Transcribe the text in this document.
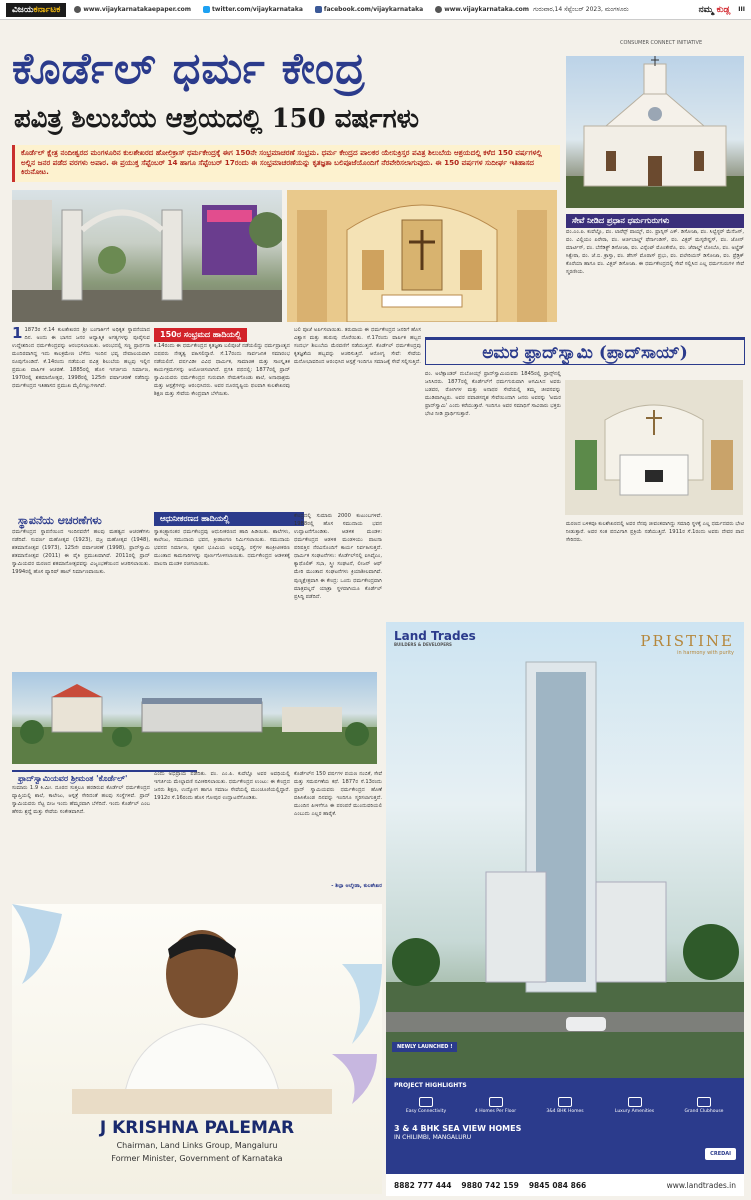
ವಿಜಯಕರ್ನಾಟಕ	www.vijaykarnatakaepaper.com	twitter.com/vijaykarnataka	facebook.com/vijaykarnataka	www.vijaykarnataka.com ಗುರುವಾರ,14 ಸೆಪ್ಟೆಂಬರ್ 2023, ಮಂಗಳೂರು	ನಮ್ಮ ಕುಡ್ಲ III
CONSUMER CONNECT INITIATIVE
ಕೊರ್ಡೆಲ್ ಧರ್ಮ ಕೇಂದ್ರ
ಪವಿತ್ರ ಶಿಲುಬೆಯ ಆಶ್ರಯದಲ್ಲಿ 150 ವರ್ಷಗಳು
ಕೊರ್ಡೆಲ್ ಕ್ಷೇತ್ರ ನಂದೀಶ್ವರದ ಮಂಗಳೂರಿನ ಕುಲಶೇಖರದ ಹೋಲಿಕ್ರಾಸ್ ಧರ್ಮಕೇಂದ್ರಕ್ಕೆ ಈಗ 150ನೇ ಸಂಭ್ರಮಾಚರಣೆ ಸಂಭ್ರಮ. ಧರ್ಮ ಕೇಂದ್ರದ ಪಾಲಕರ ಯೇಸುಕ್ರಿಸ್ತರ ಪವಿತ್ರ ಶಿಲುಬೆಯ ಆಶ್ರಯದಲ್ಲಿ ಕಳೆದ 150 ವರ್ಷಗಳಲ್ಲಿ ಅಲ್ಲಿನ ಜನರ ಪಡೆದ ವರಗಳು ಅಪಾರ. ಈ ಪ್ರಯುಕ್ತ ಸೆಪ್ಟೆಂಬರ್ 14 ಹಾಗೂ ಸೆಪ್ಟೆಂಬರ್ 17ರಂದು ಈ ಸಂಭ್ರಮಾಚರಣೆಯನ್ನು ಕೃತಜ್ಞತಾ ಬಲಿಪೂಜೆಯೊಂದಿಗೆ ನೆರವೇರಿಸಲಾಗುವುದು. ಈ 150 ವರ್ಷಗಳ ಸುದೀರ್ಘ ಇತಿಹಾಸದ ಕಿರುನೋಟ.
ಸೇವೆ ನೀಡಿದ ಪ್ರಧಾನ ಧರ್ಮಗುರುಗಳು
ವಂ.ಎಂ.ಪಿ. ಕುವೆಲ್ಲೊ, ವಂ. ಲಾರೆನ್ಸ್ ಪಾಯ್ಸ್, ವಂ. ಫ್ರಾನ್ಸಿಸ್ ಎಕ್. ಡಿಸೋಜಾ, ವಂ. ಸಿಲ್ವೆಸ್ಟರ್ ಮೆನೆಜಸ್, ವಂ. ವಿಲ್ಲಿಯಂ ಪಿರೇರಾ, ವಂ. ಆರ್ಚಿಬಾಲ್ಡ್ ಫೆರ್ನಾಂಡಿಸ್, ವಂ. ವಿಕ್ಟರ್ ಮಸ್ಕರೇನ್ಹಸ್, ವಂ. ಜೋನ್ ಮಾರ್ಟಿಸ್, ವಂ. ಬೆನೆಡಿಕ್ಟ್ ಡಿಸೋಜಾ, ವಂ. ವಿನ್ಸೆಂಟ್ ಮೊಂತೇರೊ, ವಂ. ಜೆರಾಲ್ಡ್ ಲೋಬೊ, ವಂ. ಅಲ್ಫ್ರೆಡ್ ಸಿಕ್ವೇರಾ, ವಂ. ಜೆ.ಬಿ. ಕ್ರಾಸ್ತಾ, ವಂ. ಡೆನಿಸ್ ಮೊರಾಸ್ ಪ್ರಭು, ವಂ. ವಲೇರಿಯನ್ ಡಿಸೋಜಾ, ವಂ. ಫ್ರೆಡ್ರಿಕ್ ಕೊರೆಯಾ ಹಾಗೂ ವಂ. ವಿಕ್ಟರ್ ಡಿಸೋಜಾ. ಈ ಧರ್ಮಕೇಂದ್ರದಲ್ಲಿ ಸೇವೆ ಸಲ್ಲಿಸಿದ ಎಲ್ಲ ಧರ್ಮಗುರುಗಳ ಸೇವೆ ಸ್ಮರಣೀಯ.
1 1873ರ ಸೆ.14 ಕುಲಶೇಖರದ ಶ್ರೀ ಬಂಗಾರ್ತಿಗೆ ಅಧಿಕೃತ ಸ್ಥಾಪನೆಯಾದ ದಿನ. ಅಂದು ಈ ಭಾಗದ ಜನರ ಆಧ್ಯಾತ್ಮಿಕ ಅಗತ್ಯಗಳನ್ನು ಪೂರೈಸುವ ಉದ್ದೇಶದಿಂದ ಧರ್ಮಕೇಂದ್ರವನ್ನು ಆರಂಭಿಸಲಾಯಿತು. ಆರಂಭದಲ್ಲಿ ಸಣ್ಣ ಪ್ರಾರ್ಥನಾ ಮಂದಿರವಾಗಿದ್ದ ಇದು ಕಾಲಕ್ರಮೇಣ ಬೆಳೆದು ಇಂದಿನ ಭವ್ಯ ದೇವಾಲಯವಾಗಿ ರೂಪುಗೊಂಡಿದೆ. ಕೆ.14ರಂದು ನಡೆಯುವ ಪವಿತ್ರ ಶಿಲುಬೆಯ ಹಬ್ಬವು ಇಲ್ಲಿನ ಪ್ರಮುಖ ವಾರ್ಷಿಕ ಆಚರಣೆ. 1885ರಲ್ಲಿ ಹೊಸ ಇಗರ್ಜಿಯ ನಿರ್ಮಾಣ, 1970ರಲ್ಲಿ ಶತಮಾನೋತ್ಸವ, 1998ರಲ್ಲಿ 125ನೇ ವರ್ಷಾಚರಣೆ ನಡೆದಿದ್ದು ಧರ್ಮಕೇಂದ್ರದ ಇತಿಹಾಸದ ಪ್ರಮುಖ ಮೈಲಿಗಲ್ಲುಗಳಾಗಿವೆ.
150ರ ಸಂಭ್ರಮದ ಹಾದಿಯಲ್ಲಿ
ಕ.14ರಂದು ಈ ಧರ್ಮಕೇಂದ್ರದ ಕೃತಜ್ಞತಾ ಬಲಿಪೂಜೆ ನಡೆಯಲಿದ್ದು ಧರ್ಮಪ್ರಾಂತ್ಯದ ಬಿಷಪರು ನೇತೃತ್ವ ವಹಿಸಲಿದ್ದಾರೆ. ಸೆ.17ರಂದು ಸಾರ್ವಜನಿಕ ಸಮಾರಂಭ ನಡೆಯಲಿದೆ. ವರ್ಷವಿಡೀ ವಿವಿಧ ಧಾರ್ಮಿಕ, ಸಾಮಾಜಿಕ ಮತ್ತು ಸಾಂಸ್ಕೃತಿಕ ಕಾರ್ಯಕ್ರಮಗಳನ್ನು ಆಯೋಜಿಸಲಾಗಿದೆ. ಪ್ರಗತಿ ಪಥದಲ್ಲಿ: 1877ರಲ್ಲಿ ಫ್ರಾದ್ ಸ್ವಾಮಿಯವರು ಧರ್ಮಕೇಂದ್ರದ ಗುರುವಾಗಿ ನೇಮಕಗೊಂಡು ಶಾಲೆ, ಅನಾಥಾಶ್ರಮ ಮತ್ತು ಆಸ್ಪತ್ರೆಗಳನ್ನು ಆರಂಭಿಸಿದರು. ಅವರ ದೂರದೃಷ್ಟಿಯ ಫಲವಾಗಿ ಕುಲಶೇಖರವು ಶಿಕ್ಷಣ ಮತ್ತು ಸೇವೆಯ ಕೇಂದ್ರವಾಗಿ ಬೆಳೆಯಿತು.
ಬಲಿ ಪೂಜೆ ಅರ್ಪಿಸಲಾಯಿತು. ತರುವಾಯ ಈ ಧರ್ಮಕೇಂದ್ರದ ಜನರಿಗೆ ಹೊಸ ವಿಶ್ವಾಸ ಮತ್ತು ಹುರುಪು ದೊರೆಯಿತು. ಸೆ.17ರಂದು ವಾರ್ಷಿಕ ಹಬ್ಬದ ಸಂದರ್ಭ ಶಿಲುಬೆಯ ಮೆರವಣಿಗೆ ನಡೆಯುತ್ತದೆ. ಕೊರ್ಡೆಲ್ ಧರ್ಮಕೇಂದ್ರವು ಕೃತಜ್ಞತೆಯ ಹಬ್ಬವನ್ನು ಆಚರಿಸುತ್ತಿದೆ. ಆರೋಗ್ಯ ಸೇವೆ: ಸೇವೆಯ ಮನೋಭಾವದಿಂದ ಆರಂಭಿಸಿದ ಆಸ್ಪತ್ರೆ ಇಂದಿಗೂ ಸಮಾಜಕ್ಕೆ ಸೇವೆ ಸಲ್ಲಿಸುತ್ತಿದೆ.	ಅಮರ ಫ್ರಾದ್‌ಸ್ವಾಮಿ (ಪ್ರಾದ್‌ಸಾಯ್)
ವಂ. ಅಲೆಕ್ಸಾಂಡರ್ ದುಬೋಯ್ಸ್ ಫ್ರಾದ್‌ಸ್ವಾಮಿಯವರು 1845ರಲ್ಲಿ ಫ್ರಾನ್ಸ್‌ನಲ್ಲಿ ಜನಿಸಿದರು. 1877ರಲ್ಲಿ ಕೊರ್ಡೆಲ್‌ಗೆ ಧರ್ಮಗುರುವಾಗಿ ಆಗಮಿಸಿದ ಅವರು ಬಡವರ, ರೋಗಿಗಳ ಮತ್ತು ಅನಾಥರ ಸೇವೆಯಲ್ಲಿ ತಮ್ಮ ಜೀವನವನ್ನು ಮುಡಿಪಾಗಿಟ್ಟರು. ಅವರ ಪವಾಡಸದೃಶ ಸೇವೆಯಿಂದಾಗಿ ಜನರು ಅವರನ್ನು 'ಅಮರ ಫ್ರಾದ್‌ಸ್ವಾಮಿ' ಎಂದು ಕರೆಯುತ್ತಾರೆ. ಇಂದಿಗೂ ಅವರ ಸಮಾಧಿಗೆ ಸಾವಿರಾರು ಭಕ್ತರು ಭೇಟಿ ನೀಡಿ ಪ್ರಾರ್ಥಿಸುತ್ತಾರೆ.
ಮರಣದ ಬಳಿಕವೂ ಕುಲಶೇಖರದಲ್ಲಿ ಅವರ ನೆನಪು ಜೀವಂತವಾಗಿದ್ದು ಸಮಾಧಿ ಸ್ಥಳಕ್ಕೆ ಎಲ್ಲ ಧರ್ಮದವರು ಭೇಟಿ ನೀಡುತ್ತಾರೆ. ಅವರ ಸಂತ ಪದವಿಗಾಗಿ ಪ್ರಕ್ರಿಯೆ ನಡೆಯುತ್ತಿದೆ. 1911ರ ಸೆ.1ರಂದು ಅವರು ದೇವರ ಪಾದ ಸೇರಿದರು.
ಸ್ಥಾಪನೆಯ ಆಚರಣೆಗಳು
ಧರ್ಮಕೇಂದ್ರದ ಸ್ಥಾಪನೆಯಿಂದ ಇಂದಿನವರೆಗೆ ಹಲವು ಮಹತ್ವದ ಆಚರಣೆಗಳು ನಡೆದಿವೆ. ಸುವರ್ಣ ಮಹೋತ್ಸವ (1923), ವಜ್ರ ಮಹೋತ್ಸವ (1948), ಶತಮಾನೋತ್ಸವ (1973), 125ನೇ ವರ್ಷಾಚರಣೆ (1998), ಫ್ರಾದ್‌ಸ್ವಾಮಿ ಶತಮಾನೋತ್ಸವ (2011) ಈ ಪೈಕಿ ಪ್ರಮುಖವಾಗಿವೆ. 2011ರಲ್ಲಿ ಫ್ರಾದ್ ಸ್ವಾಮಿಯವರ ಮರಣದ ಶತಮಾನೋತ್ಸವವನ್ನು ವಿಜೃಂಭಣೆಯಿಂದ ಆಚರಿಸಲಾಯಿತು. 1994ರಲ್ಲಿ ಹೊಸ ಪ್ಯಾರಿಷ್ ಹಾಲ್ ನಿರ್ಮಾಣವಾಯಿತು.
ಆಧುನೀಕರಣದ ಹಾದಿಯಲ್ಲಿ
ಸ್ವಾತಂತ್ರ್ಯಾನಂತರ ಧರ್ಮಕೇಂದ್ರವು ಆಧುನೀಕರಣದ ಹಾದಿ ಹಿಡಿಯಿತು. ಶಾಲೆಗಳು, ಕಾಲೇಜು, ಸಮುದಾಯ ಭವನ, ಕ್ರೀಡಾಂಗಣ ನಿರ್ಮಿಸಲಾಯಿತು. ಸಮುದಾಯ ಭವನದ ನಿರ್ಮಾಣ, ಸ್ಮಶಾನ ಭೂಮಿಯ ಅಭಿವೃದ್ಧಿ, ರಸ್ತೆಗಳ ಕಾಂಕ್ರೀಟೀಕರಣ ಮುಂತಾದ ಕಾಮಗಾರಿಗಳನ್ನು ಪೂರ್ಣಗೊಳಿಸಲಾಯಿತು. ಧರ್ಮಕೇಂದ್ರದ ಆಡಳಿತಕ್ಕೆ ಪಾಲನಾ ಮಂಡಳಿ ರಚಿಸಲಾಯಿತು.
ಕೇಂದ್ರದಲ್ಲಿ ಸುಮಾರು 2000 ಕುಟುಂಬಗಳಿವೆ. 1988ರಲ್ಲಿ ಹೊಸ ಸಮುದಾಯ ಭವನ ಉದ್ಘಾಟನೆಗೊಂಡಿತು. ಆಡಳಿತ ಮಂಡಳಿ: ಧರ್ಮಕೇಂದ್ರದ ಆಡಳಿತ ಮಂಡಳಿಯು ಪಾಲನಾ ಪರಿಷತ್ತಿನ ನೆರವಿನೊಂದಿಗೆ ಕಾರ್ಯ ನಿರ್ವಹಿಸುತ್ತದೆ. ಧಾರ್ಮಿಕ ಸಂಘಟನೆಗಳು: ಕೊರ್ಡೆಲ್‌ನಲ್ಲಿ ಐಸಿವೈಎಂ, ಕ್ಯಾಥೊಲಿಕ್ ಸಭಾ, ಸ್ತ್ರೀ ಸಂಘಟನೆ, ಲೀಜನ್ ಆಫ್ ಮೇರಿ ಮುಂತಾದ ಸಂಘಟನೆಗಳು ಕ್ರಿಯಾಶೀಲವಾಗಿವೆ. ಪುಣ್ಯಕ್ಷೇತ್ರವಾಗಿ ಈ ಕೇಂದ್ರ: ಒಂದು ಧರ್ಮಕೇಂದ್ರವಾಗಿ ಮಾತ್ರವಲ್ಲದೆ ಯಾತ್ರಾ ಸ್ಥಳವಾಗಿಯೂ ಕೊರ್ಡೆಲ್ ಪ್ರಸಿದ್ಧಿ ಪಡೆದಿದೆ.
ಫ್ರಾದ್‌ಸ್ವಾಮಿಯವರ ಶ್ರೀಮಂತ 'ಕೊರ್ಡೆಲ್'
ಸುಮಾರು 1.9 ಕಿ.ಮೀ. ದೂರದ ಸುತ್ತಲೂ ಹರಡಿರುವ ಕೊರ್ಡೆಲ್ ಧರ್ಮಕೇಂದ್ರದ ವ್ಯಾಪ್ತಿಯಲ್ಲಿ ಶಾಲೆ, ಕಾಲೇಜು, ಆಸ್ಪತ್ರೆ ಸೇರಿದಂತೆ ಹಲವು ಸಂಸ್ಥೆಗಳಿವೆ. ಫ್ರಾದ್ ಸ್ವಾಮಿಯವರು ನೆಟ್ಟ ಬೀಜ ಇಂದು ಹೆಮ್ಮರವಾಗಿ ಬೆಳೆದಿದೆ. ಇಂದು ಕೊರ್ಡೆಲ್ ಎಂಬ ಹೆಸರು ಶ್ರದ್ಧೆ ಮತ್ತು ಸೇವೆಯ ಸಂಕೇತವಾಗಿದೆ.
ಎಂದು ಅಭಿಪ್ರಾಯ ಪಡೆದಿತು. ವಂ. ಎಂ.ಪಿ. ಕುವೆಲ್ಲೊ ಅವರ ಅವಧಿಯಲ್ಲಿ ಇಗರ್ಜಿಯ ಮೇಲ್ಛಾವಣಿ ನವೀಕರಿಸಲಾಯಿತು. ಧರ್ಮಕೇಂದ್ರದ ಉಂಟು: ಈ ಕೇಂದ್ರದ ಜನರು ಶಿಕ್ಷಣ, ಉದ್ಯೋಗ ಹಾಗೂ ಸಮಾಜ ಸೇವೆಯಲ್ಲಿ ಮುಂಚೂಣಿಯಲ್ಲಿದ್ದಾರೆ. 1912ರ ಸೆ.16ರಂದು ಹೊಸ ಗೋಪುರ ಉದ್ಘಾಟನೆಗೊಂಡಿತು.
ಕೊರ್ಡೆಲ್‌ನ 150 ವರ್ಷಗಳ ಪಯಣ ನಂಬಿಕೆ, ಸೇವೆ ಮತ್ತು ಸಮರ್ಪಣೆಯ ಕಥೆ. 1877ರ ಸೆ.13ರಂದು ಫ್ರಾದ್ ಸ್ವಾಮಿಯವರು ಧರ್ಮಕೇಂದ್ರದ ಹೊಣೆ ವಹಿಸಿಕೊಂಡ ದಿನವನ್ನು ಇಂದಿಗೂ ಸ್ಮರಿಸಲಾಗುತ್ತದೆ. ಮುಂದಿನ ಪೀಳಿಗೆಗೂ ಈ ಪರಂಪರೆ ಮುಂದುವರಿಯಲಿ ಎಂಬುದು ಎಲ್ಲರ ಹಾರೈಕೆ.
- ಶಿಲ್ಪಾ ಅಲ್ಮೇಡಾ, ಕುಲಶೇಖರ
J KRISHNA PALEMAR
Chairman, Land Links Group, Mangaluru
Former Minister, Government of Karnataka
Land Trades
BUILDERS & DEVELOPERS	PRISTINE
in harmony with purity
NEWLY LAUNCHED !
PROJECT HIGHLIGHTS
Easy Connectivity	4 Homes Per Floor	3&4 BHK Homes	Luxury Amenities	Grand Clubhouse
3 & 4 BHK SEA VIEW HOMES
IN CHILIMBI, MANGALURU
CREDAI
8882 777 444 9880 742 159 9845 084 866	www.landtrades.in
